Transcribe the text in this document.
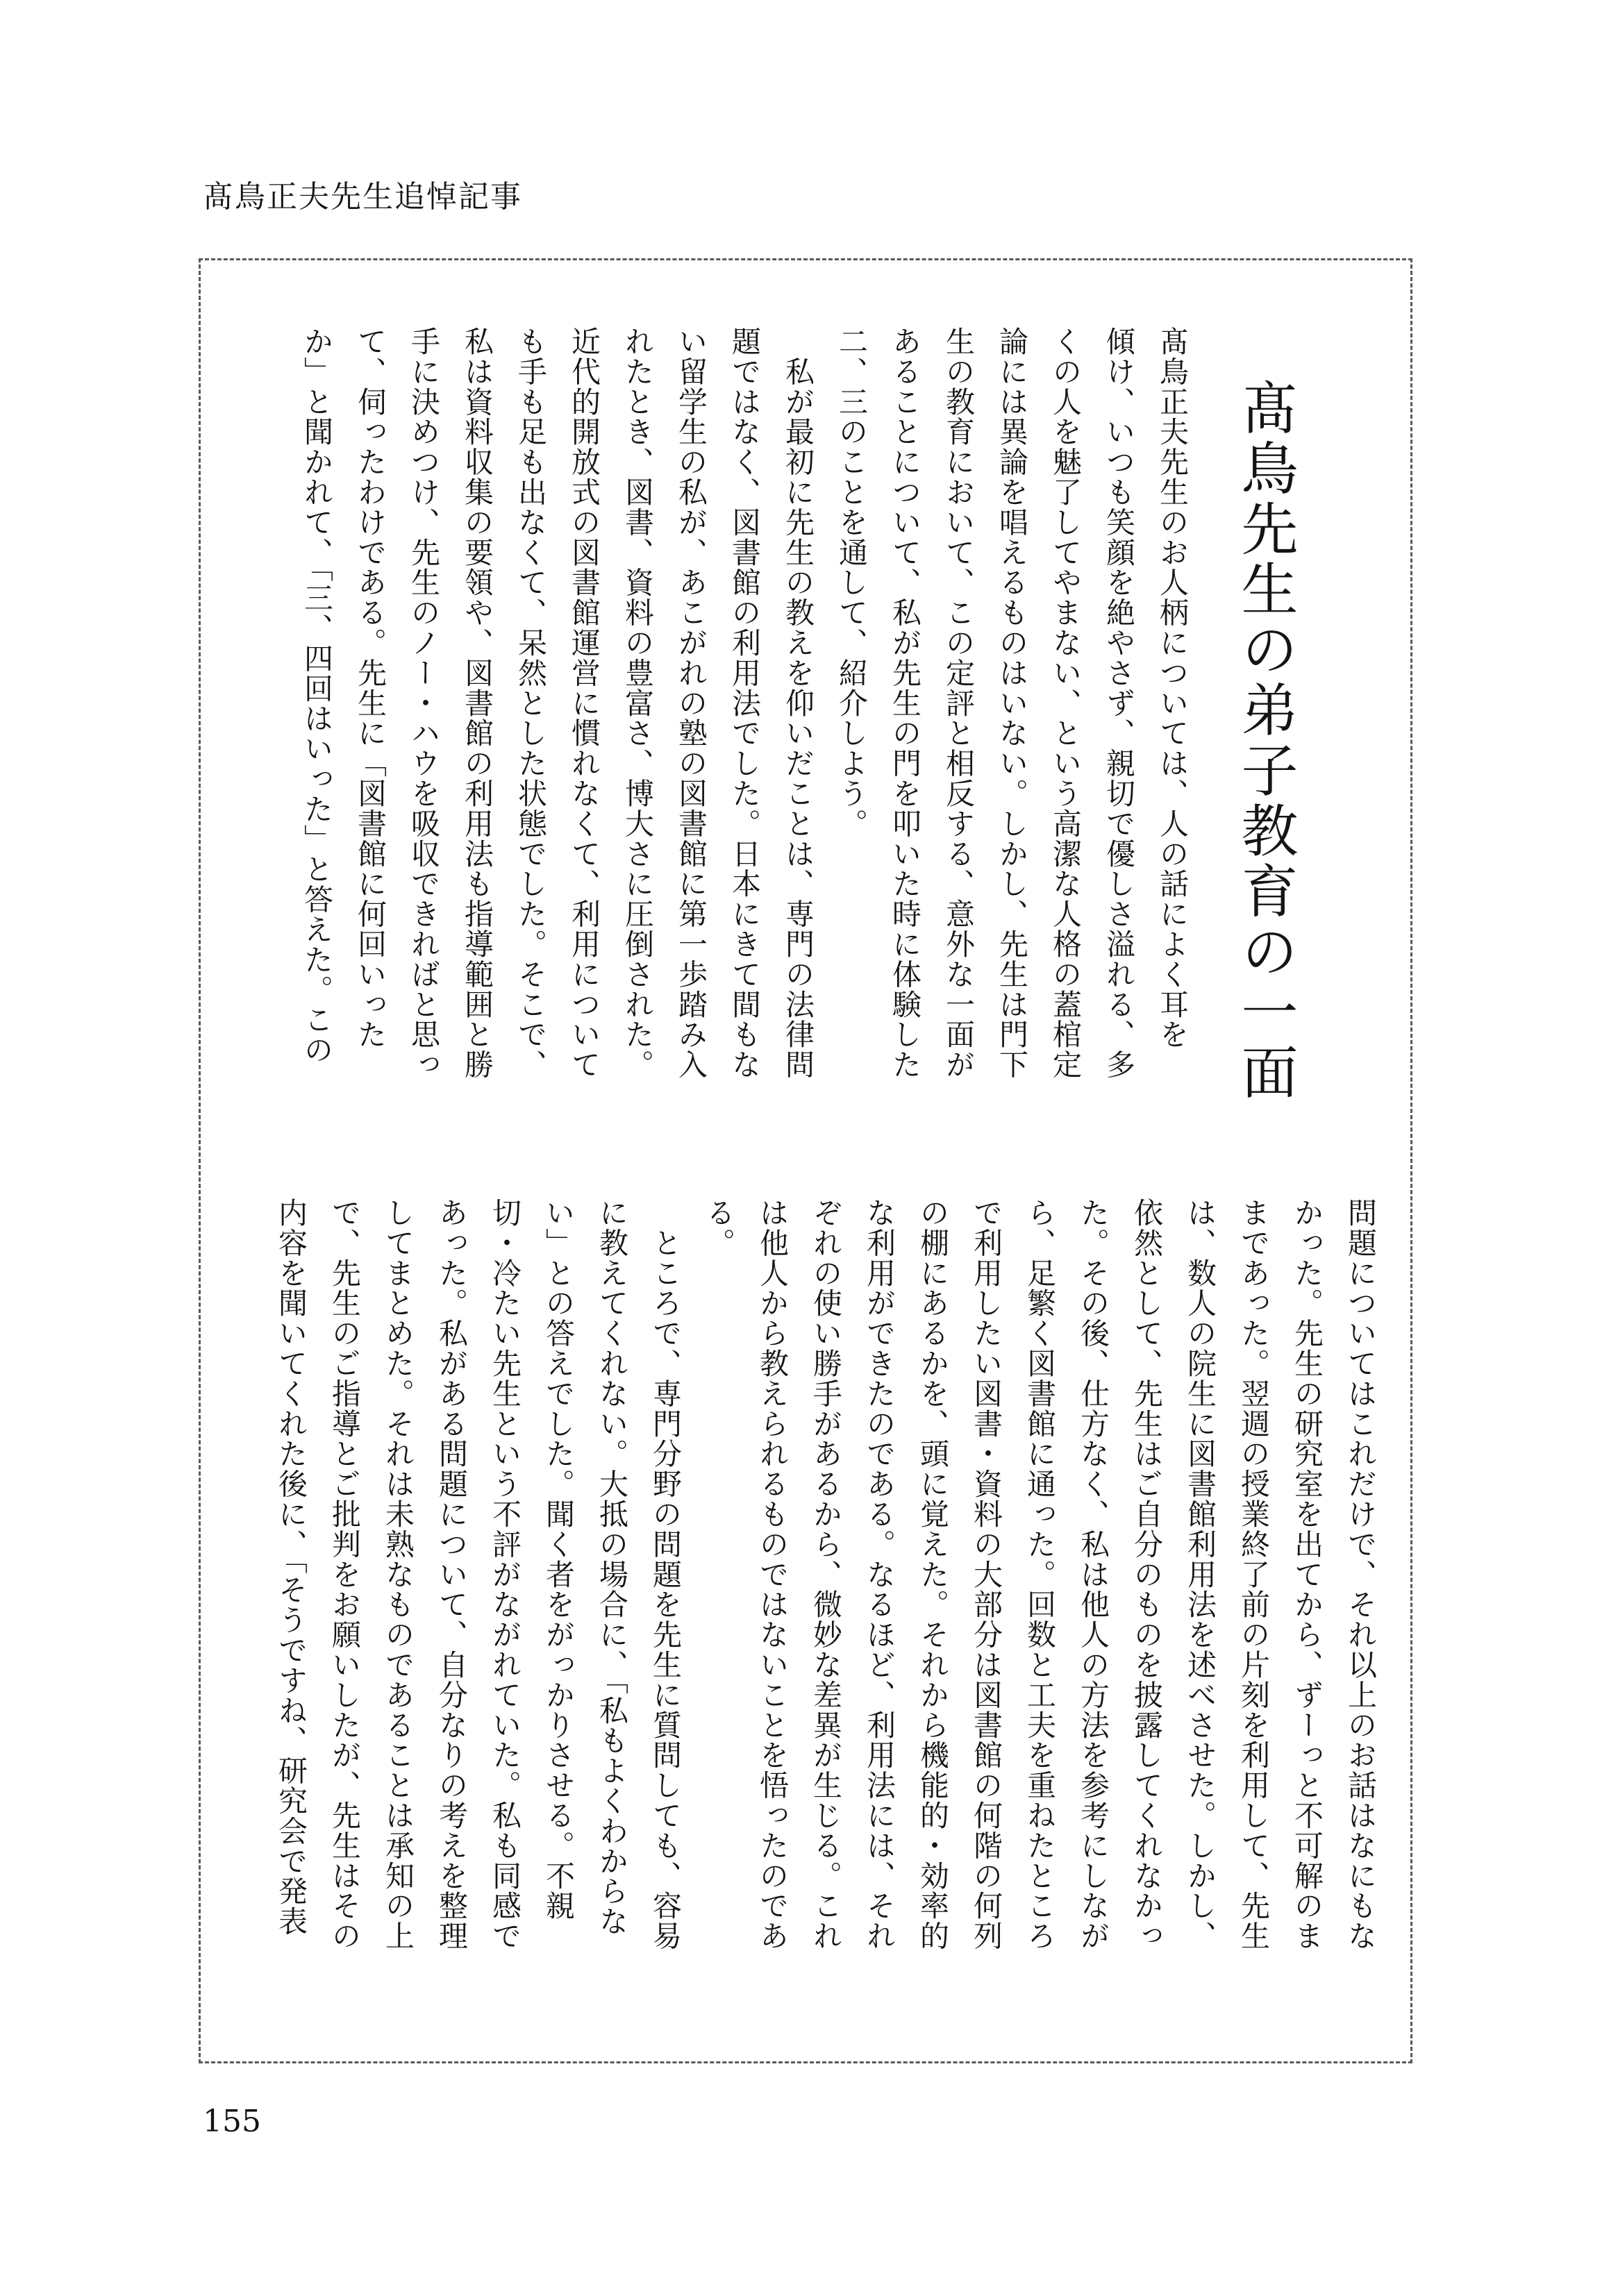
髙鳥正夫先生追悼記事
髙鳥先生の弟子教育の一面
髙鳥正夫先生のお人柄については、人の話によく耳を
傾け、いつも笑顔を絶やさず、親切で優しさ溢れる、多
くの人を魅了してやまない、という高潔な人格の蓋棺定
論には異論を唱えるものはいない。しかし、先生は門下
生の教育において、この定評と相反する、意外な一面が
あることについて、私が先生の門を叩いた時に体験した
二、三のことを通して、紹介しよう。
　私が最初に先生の教えを仰いだことは、専門の法律問
題ではなく、図書館の利用法でした。日本にきて間もな
い留学生の私が、あこがれの塾の図書館に第一歩踏み入
れたとき、図書、資料の豊富さ、博大さに圧倒された。
近代的開放式の図書館運営に慣れなくて、利用について
も手も足も出なくて、呆然とした状態でした。そこで、
私は資料収集の要領や、図書館の利用法も指導範囲と勝
手に決めつけ、先生のノー・ハウを吸収できればと思っ
て、伺ったわけである。先生に「図書館に何回いった
か」と聞かれて、「三、四回はいった」と答えた。この
問題についてはこれだけで、それ以上のお話はなにもな
かった。先生の研究室を出てから、ずーっと不可解のま
まであった。翌週の授業終了前の片刻を利用して、先生
は、数人の院生に図書館利用法を述べさせた。しかし、
依然として、先生はご自分のものを披露してくれなかっ
た。その後、仕方なく、私は他人の方法を参考にしなが
ら、足繁く図書館に通った。回数と工夫を重ねたところ
で利用したい図書・資料の大部分は図書館の何階の何列
の棚にあるかを、頭に覚えた。それから機能的・効率的
な利用ができたのである。なるほど、利用法には、それ
ぞれの使い勝手があるから、微妙な差異が生じる。これ
は他人から教えられるものではないことを悟ったのであ
る。
　ところで、専門分野の問題を先生に質問しても、容易
に教えてくれない。大抵の場合に、「私もよくわからな
い」との答えでした。聞く者をがっかりさせる。不親
切・冷たい先生という不評がながれていた。私も同感で
あった。私がある問題について、自分なりの考えを整理
してまとめた。それは未熟なものであることは承知の上
で、先生のご指導とご批判をお願いしたが、先生はその
内容を聞いてくれた後に、「そうですね、研究会で発表
155
